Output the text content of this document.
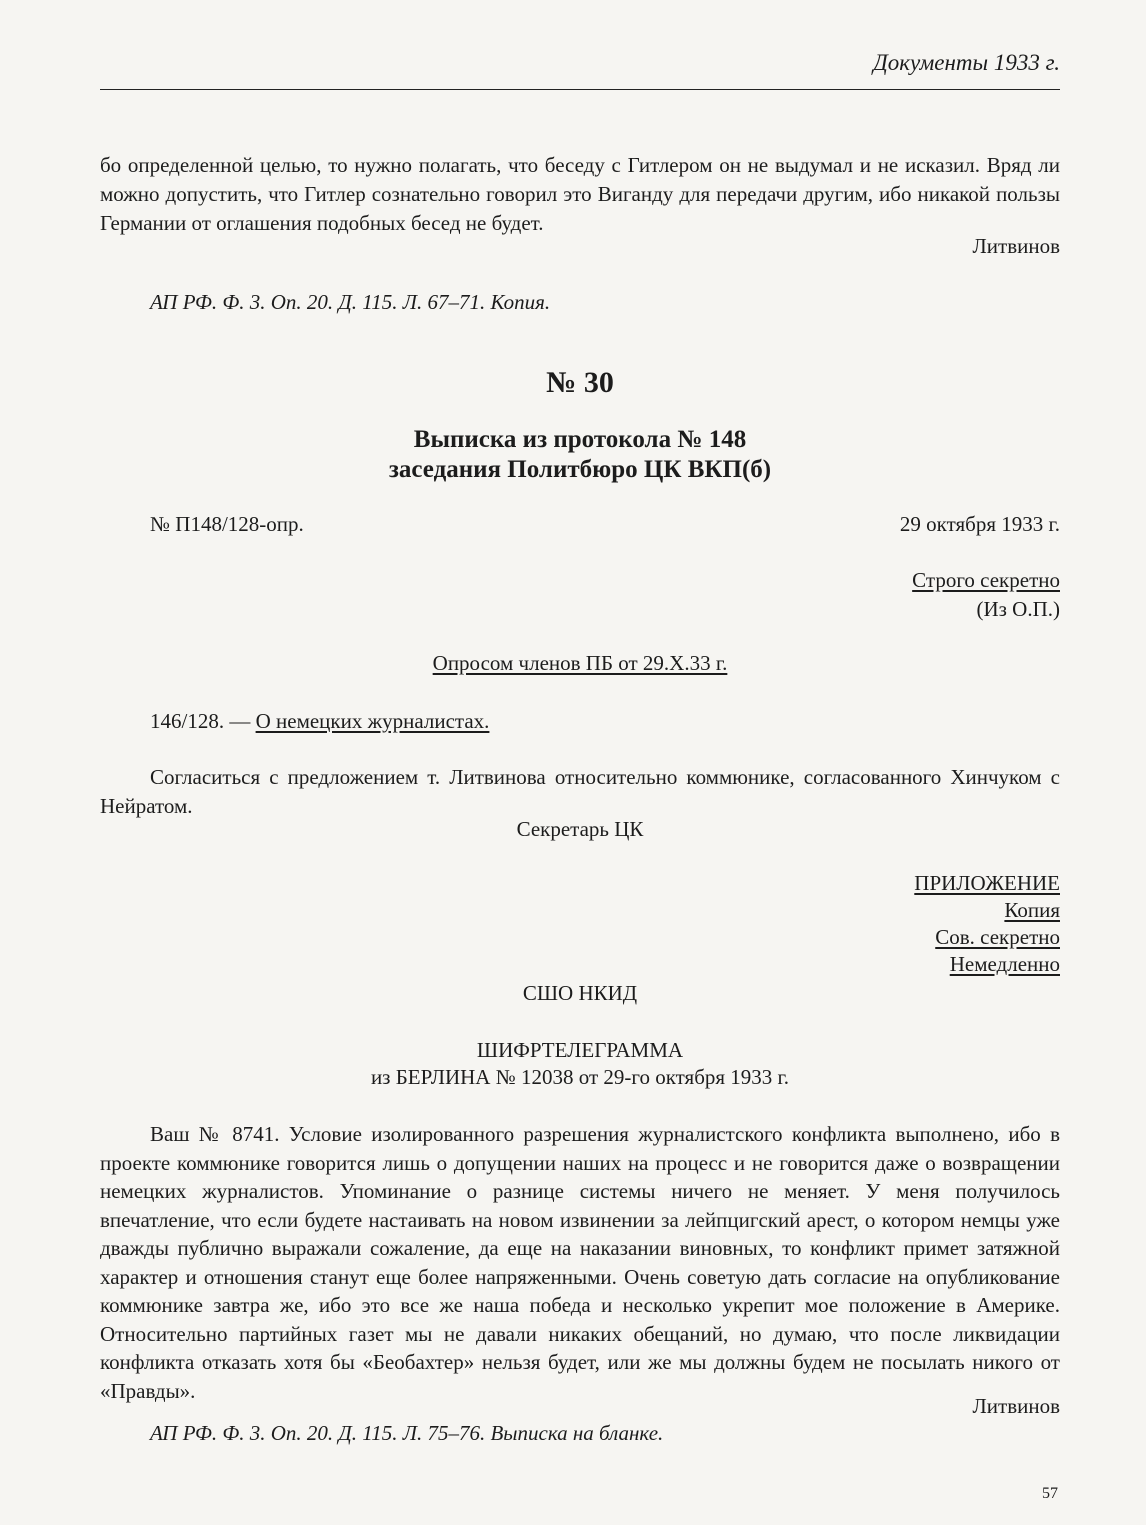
Документы 1933 г.
бо определенной целью, то нужно полагать, что беседу с Гитлером он не выдумал и не исказил. Вряд ли можно допустить, что Гитлер сознательно говорил это Виганду для передачи другим, ибо никакой пользы Германии от оглашения подобных бесед не будет.
Литвинов
АП РФ. Ф. 3. Оп. 20. Д. 115. Л. 67–71. Копия.
№ 30
Выписка из протокола № 148
заседания Политбюро ЦК ВКП(б)
№ П148/128-опр.	29 октября 1933 г.
Строго секретно
(Из О.П.)
Опросом членов ПБ от 29.X.33 г.
146/128. — О немецких журналистах.
Согласиться с предложением т. Литвинова относительно коммюнике, согласованного Хинчуком с Нейратом.
Секретарь ЦК
ПРИЛОЖЕНИЕ
Копия
Сов. секретно
Немедленно
СШО НКИД
ШИФРТЕЛЕГРАММА
из БЕРЛИНА № 12038 от 29-го октября 1933 г.
Ваш № 8741. Условие изолированного разрешения журналистского конфликта выполнено, ибо в проекте коммюнике говорится лишь о допущении наших на процесс и не говорится даже о возвращении немецких журналистов. Упоминание о разнице системы ничего не меняет. У меня получилось впечатление, что если будете настаивать на новом извинении за лейпцигский арест, о котором немцы уже дважды публично выражали сожаление, да еще на наказании виновных, то конфликт примет затяжной характер и отношения станут еще более напряженными. Очень советую дать согласие на опубликование коммюнике завтра же, ибо это все же наша победа и несколько укрепит мое положение в Америке. Относительно партийных газет мы не давали никаких обещаний, но думаю, что после ликвидации конфликта отказать хотя бы «Беобахтер» нельзя будет, или же мы должны будем не посылать никого от «Правды».
Литвинов
АП РФ. Ф. 3. Оп. 20. Д. 115. Л. 75–76. Выписка на бланке.
57
